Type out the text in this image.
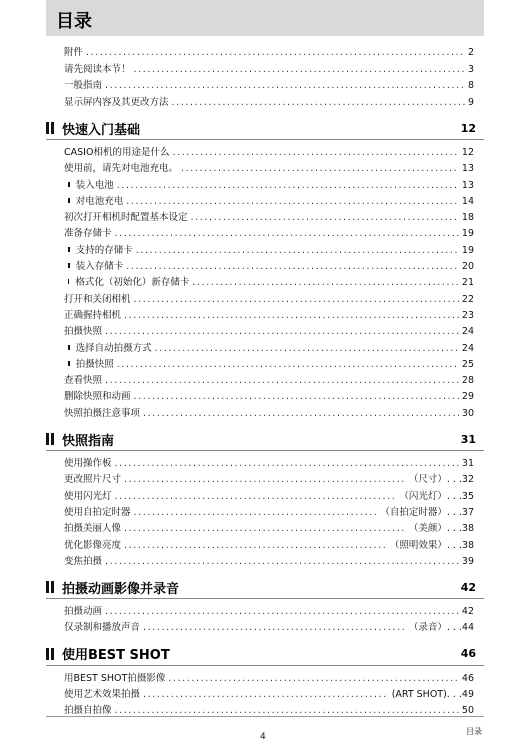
目录
附件 .....	2
请先阅读本节！ .....	3
一般指南 .....	8
显示屏内容及其更改方法 .....	9
快速入门基础	12
CASIO相机的用途是什么 .....	12
使用前，请先对电池充电。 .....	13
装入电池 .....	13
对电池充电 .....	14
初次打开相机时配置基本设定 .....	18
准备存储卡 .....	19
支持的存储卡 .....	19
装入存储卡 .....	20
格式化（初始化）新存储卡 .....	21
打开和关闭相机 .....	22
正确握持相机 .....	23
拍摄快照 .....	24
选择自动拍摄方式 .....	24
拍摄快照 .....	25
查看快照 .....	28
删除快照和动画 .....	29
快照拍摄注意事项 .....	30
快照指南	31
使用操作板 .....	31
更改照片尺寸 .....	（尺寸）. . .32
使用闪光灯 .....	（闪光灯）. . .35
使用自拍定时器 .....	（自拍定时器）. . .37
拍摄美丽人像 .....	（美颜）. . .38
优化影像亮度 .....	（照明效果）. . .38
变焦拍摄 .....	39
拍摄动画影像并录音	42
拍摄动画 .....	42
仅录制和播放声音 .....	（录音）. . .44
使用BEST SHOT	46
用BEST SHOT拍摄影像 .....	46
使用艺术效果拍摄 .....	(ART SHOT). . .49
拍摄自拍像 .....	50
4
目录
